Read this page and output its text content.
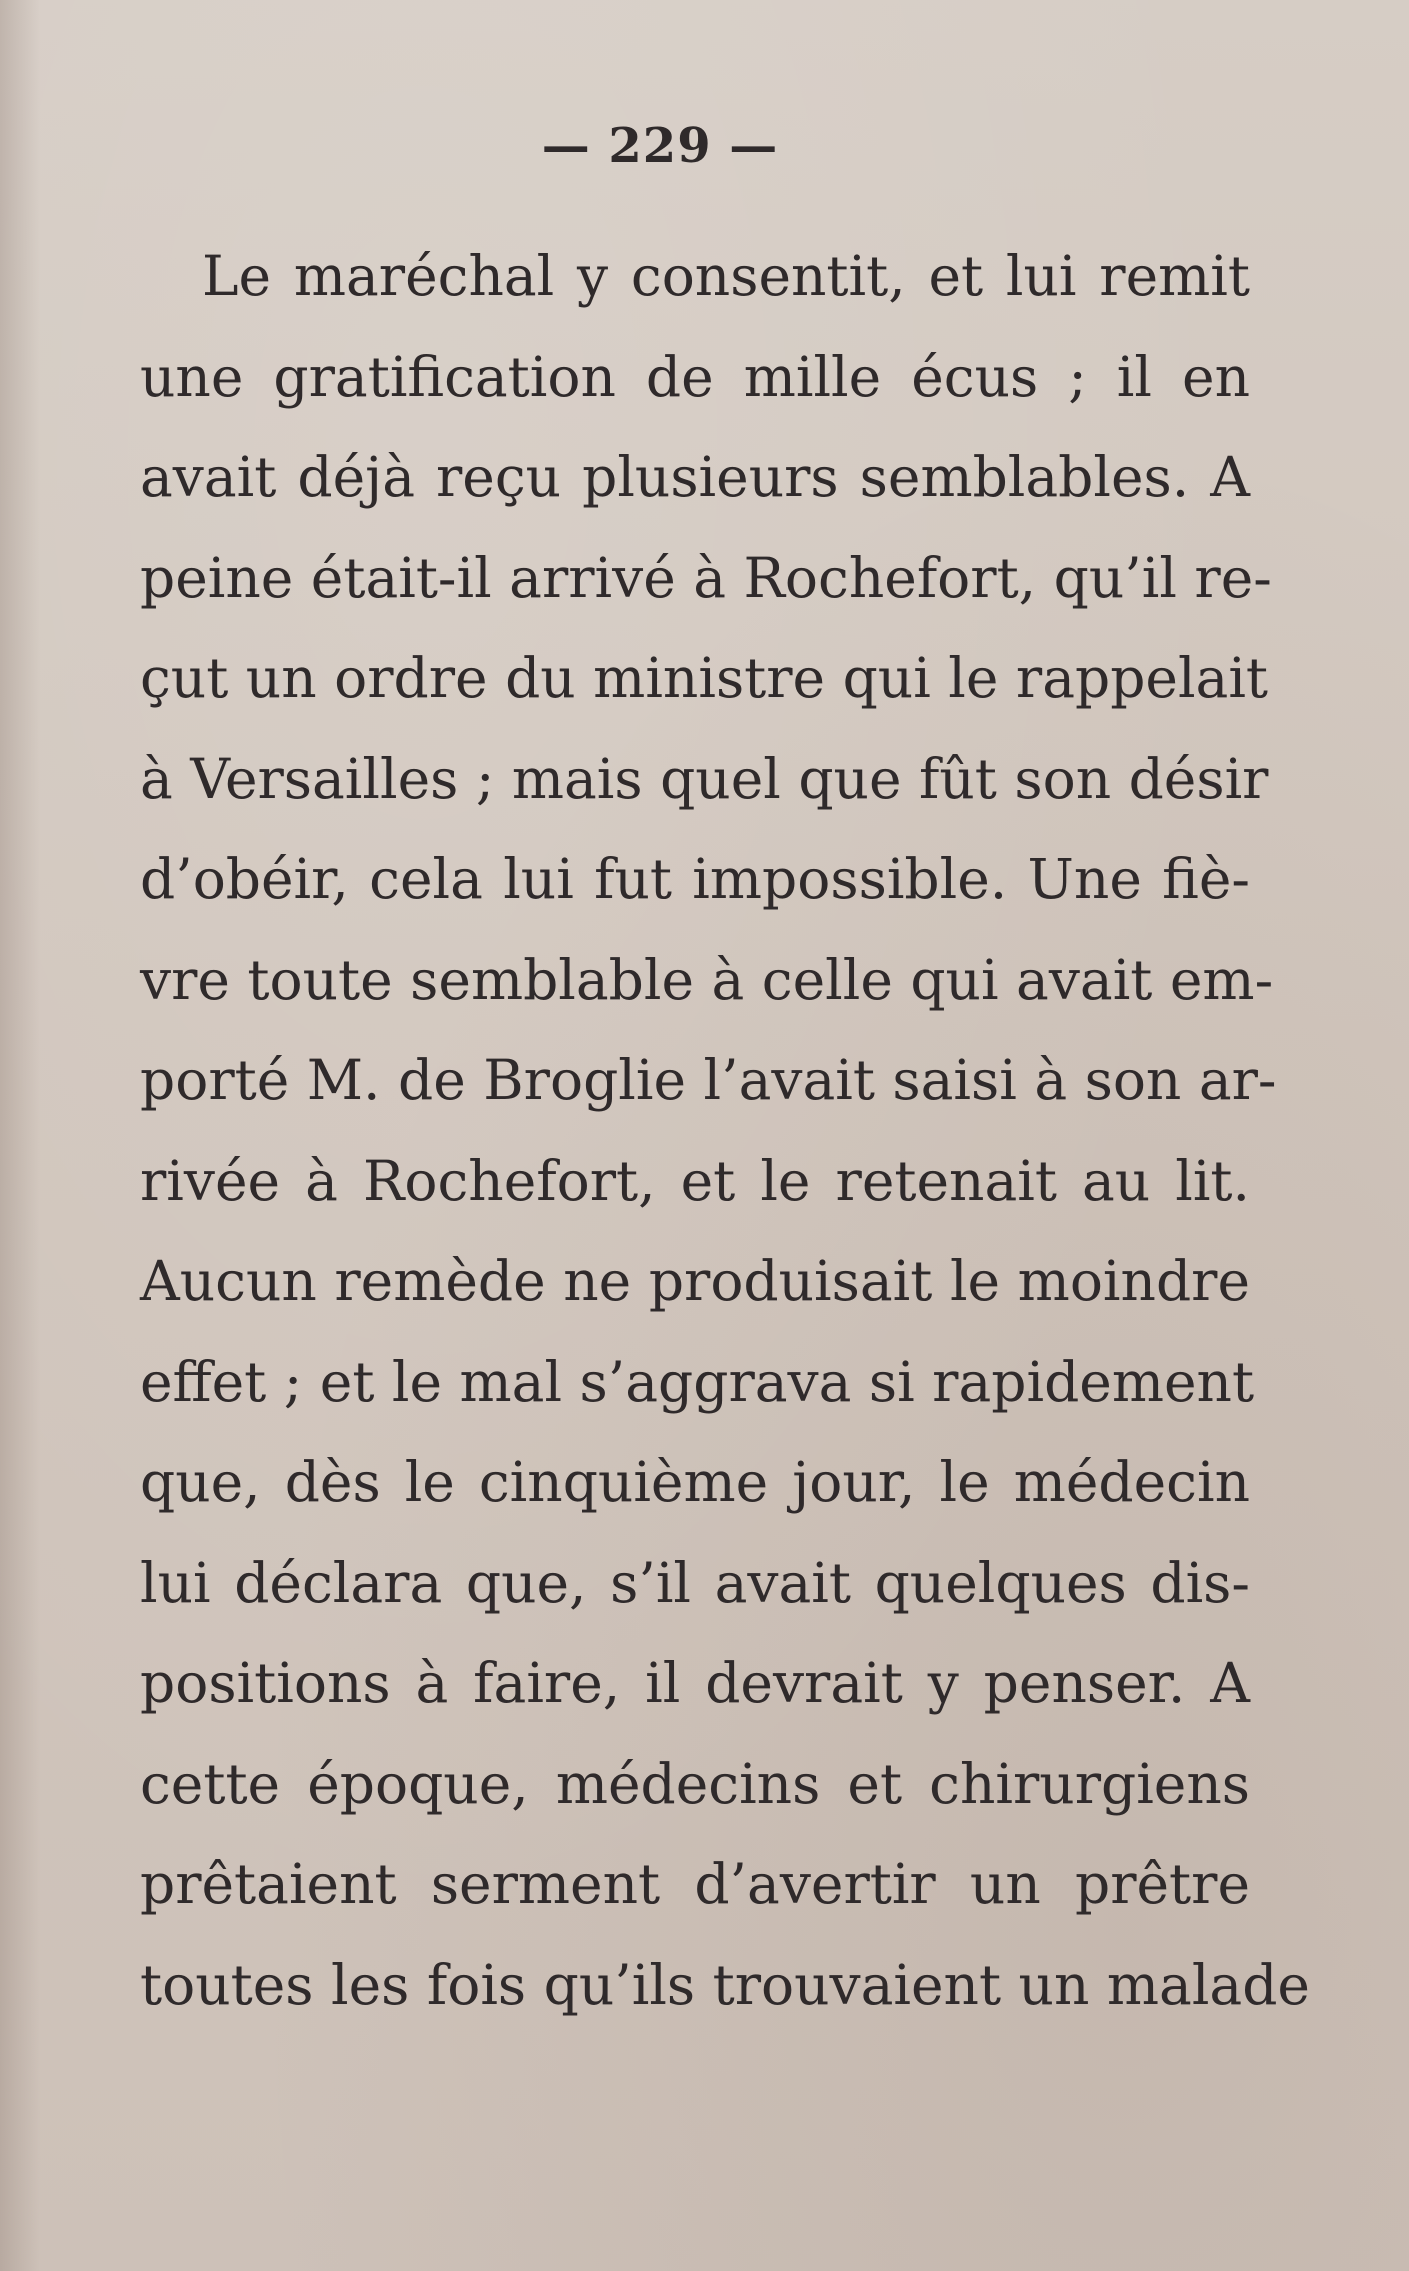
— 229 —
Le maréchal y consentit, et lui remit
une gratification de mille écus ; il en
avait déjà reçu plusieurs semblables. A
peine était-il arrivé à Rochefort, qu’il re-
çut un ordre du ministre qui le rappelait
à Versailles ; mais quel que fût son désir
d’obéir, cela lui fut impossible. Une fiè-
vre toute semblable à celle qui avait em-
porté M. de Broglie l’avait saisi à son ar-
rivée à Rochefort, et le retenait au lit.
Aucun remède ne produisait le moindre
effet ; et le mal s’aggrava si rapidement
que, dès le cinquième jour, le médecin
lui déclara que, s’il avait quelques dis-
positions à faire, il devrait y penser. A
cette époque, médecins et chirurgiens
prêtaient serment d’avertir un prêtre
toutes les fois qu’ils trouvaient un malade
